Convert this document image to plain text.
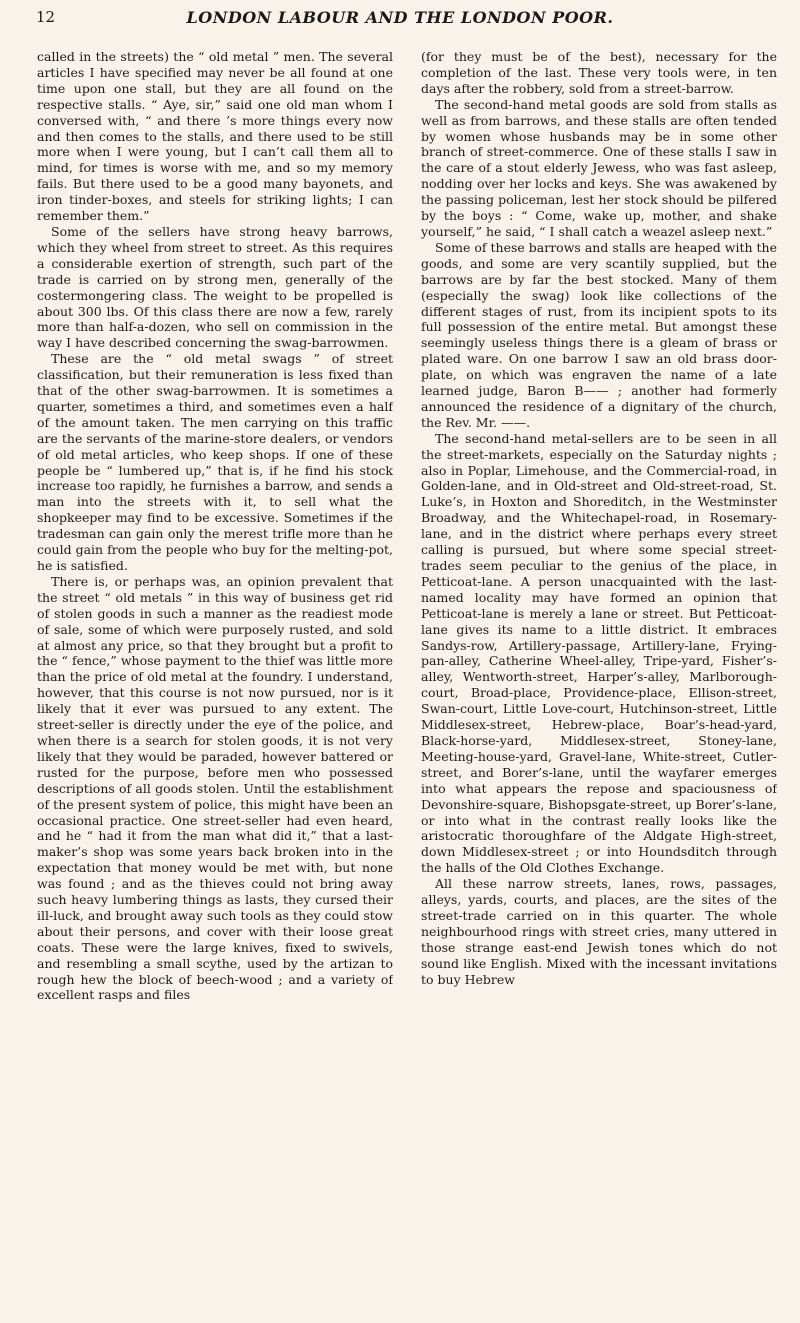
12	LONDON LABOUR AND THE LONDON POOR.

called in the streets) the “ old metal ” men. The several articles I have specified may never be all found at one time upon one stall, but they are all found on the respective stalls. “ Aye, sir,” said one old man whom I conversed with, “ and there ’s more things every now and then comes to the stalls, and there used to be still more when I were young, but I can’t call them all to mind, for times is worse with me, and so my memory fails. But there used to be a good many bayonets, and iron tinder-boxes, and steels for striking lights; I can remember them.”

Some of the sellers have strong heavy barrows, which they wheel from street to street. As this requires a considerable exertion of strength, such part of the trade is carried on by strong men, generally of the costermongering class. The weight to be propelled is about 300 lbs. Of this class there are now a few, rarely more than half-a-dozen, who sell on commission in the way I have described concerning the swag-barrowmen.

These are the “ old metal swags ” of street classification, but their remuneration is less fixed than that of the other swag-barrowmen. It is sometimes a quarter, sometimes a third, and sometimes even a half of the amount taken. The men carrying on this traffic are the servants of the marine-store dealers, or vendors of old metal articles, who keep shops. If one of these people be “ lumbered up,” that is, if he find his stock increase too rapidly, he furnishes a barrow, and sends a man into the streets with it, to sell what the shopkeeper may find to be excessive. Sometimes if the tradesman can gain only the merest trifle more than he could gain from the people who buy for the melting-pot, he is satisfied.

There is, or perhaps was, an opinion prevalent that the street “ old metals ” in this way of business get rid of stolen goods in such a manner as the readiest mode of sale, some of which were purposely rusted, and sold at almost any price, so that they brought but a profit to the “ fence,” whose payment to the thief was little more than the price of old metal at the foundry. I understand, however, that this course is not now pursued, nor is it likely that it ever was pursued to any extent. The street-seller is directly under the eye of the police, and when there is a search for stolen goods, it is not very likely that they would be paraded, however battered or rusted for the purpose, before men who possessed descriptions of all goods stolen. Until the establishment of the present system of police, this might have been an occasional practice. One street-seller had even heard, and he “ had it from the man what did it,” that a last-maker’s shop was some years back broken into in the expectation that money would be met with, but none was found ; and as the thieves could not bring away such heavy lumbering things as lasts, they cursed their ill-luck, and brought away such tools as they could stow about their persons, and cover with their loose great coats. These were the large knives, fixed to swivels, and resembling a small scythe, used by the artizan to rough hew the block of beech-wood ; and a variety of excellent rasps and files

(for they must be of the best), necessary for the completion of the last. These very tools were, in ten days after the robbery, sold from a street-barrow.

The second-hand metal goods are sold from stalls as well as from barrows, and these stalls are often tended by women whose husbands may be in some other branch of street-commerce. One of these stalls I saw in the care of a stout elderly Jewess, who was fast asleep, nodding over her locks and keys. She was awakened by the passing policeman, lest her stock should be pilfered by the boys : “ Come, wake up, mother, and shake yourself,” he said, “ I shall catch a weazel asleep next.”

Some of these barrows and stalls are heaped with the goods, and some are very scantily supplied, but the barrows are by far the best stocked. Many of them (especially the swag) look like collections of the different stages of rust, from its incipient spots to its full possession of the entire metal. But amongst these seemingly useless things there is a gleam of brass or plated ware. On one barrow I saw an old brass door-plate, on which was engraven the name of a late learned judge, Baron B—— ; another had formerly announced the residence of a dignitary of the church, the Rev. Mr. ——.

The second-hand metal-sellers are to be seen in all the street-markets, especially on the Saturday nights ; also in Poplar, Limehouse, and the Commercial-road, in Golden-lane, and in Old-street and Old-street-road, St. Luke’s, in Hoxton and Shoreditch, in the Westminster Broadway, and the Whitechapel-road, in Rosemary-lane, and in the district where perhaps every street calling is pursued, but where some special street-trades seem peculiar to the genius of the place, in Petticoat-lane. A person unacquainted with the last-named locality may have formed an opinion that Petticoat-lane is merely a lane or street. But Petticoat-lane gives its name to a little district. It embraces Sandys-row, Artillery-passage, Artillery-lane, Frying-pan-alley, Catherine Wheel-alley, Tripe-yard, Fisher’s-alley, Wentworth-street, Harper’s-alley, Marlborough-court, Broad-place, Providence-place, Ellison-street, Swan-court, Little Love-court, Hutchinson-street, Little Middlesex-street, Hebrew-place, Boar’s-head-yard, Black-horse-yard, Middlesex-street, Stoney-lane, Meeting-house-yard, Gravel-lane, White-street, Cutler-street, and Borer’s-lane, until the wayfarer emerges into what appears the repose and spaciousness of Devonshire-square, Bishopsgate-street, up Borer’s-lane, or into what in the contrast really looks like the aristocratic thoroughfare of the Aldgate High-street, down Middlesex-street ; or into Houndsditch through the halls of the Old Clothes Exchange.

All these narrow streets, lanes, rows, passages, alleys, yards, courts, and places, are the sites of the street-trade carried on in this quarter. The whole neighbourhood rings with street cries, many uttered in those strange east-end Jewish tones which do not sound like English. Mixed with the incessant invitations to buy Hebrew
